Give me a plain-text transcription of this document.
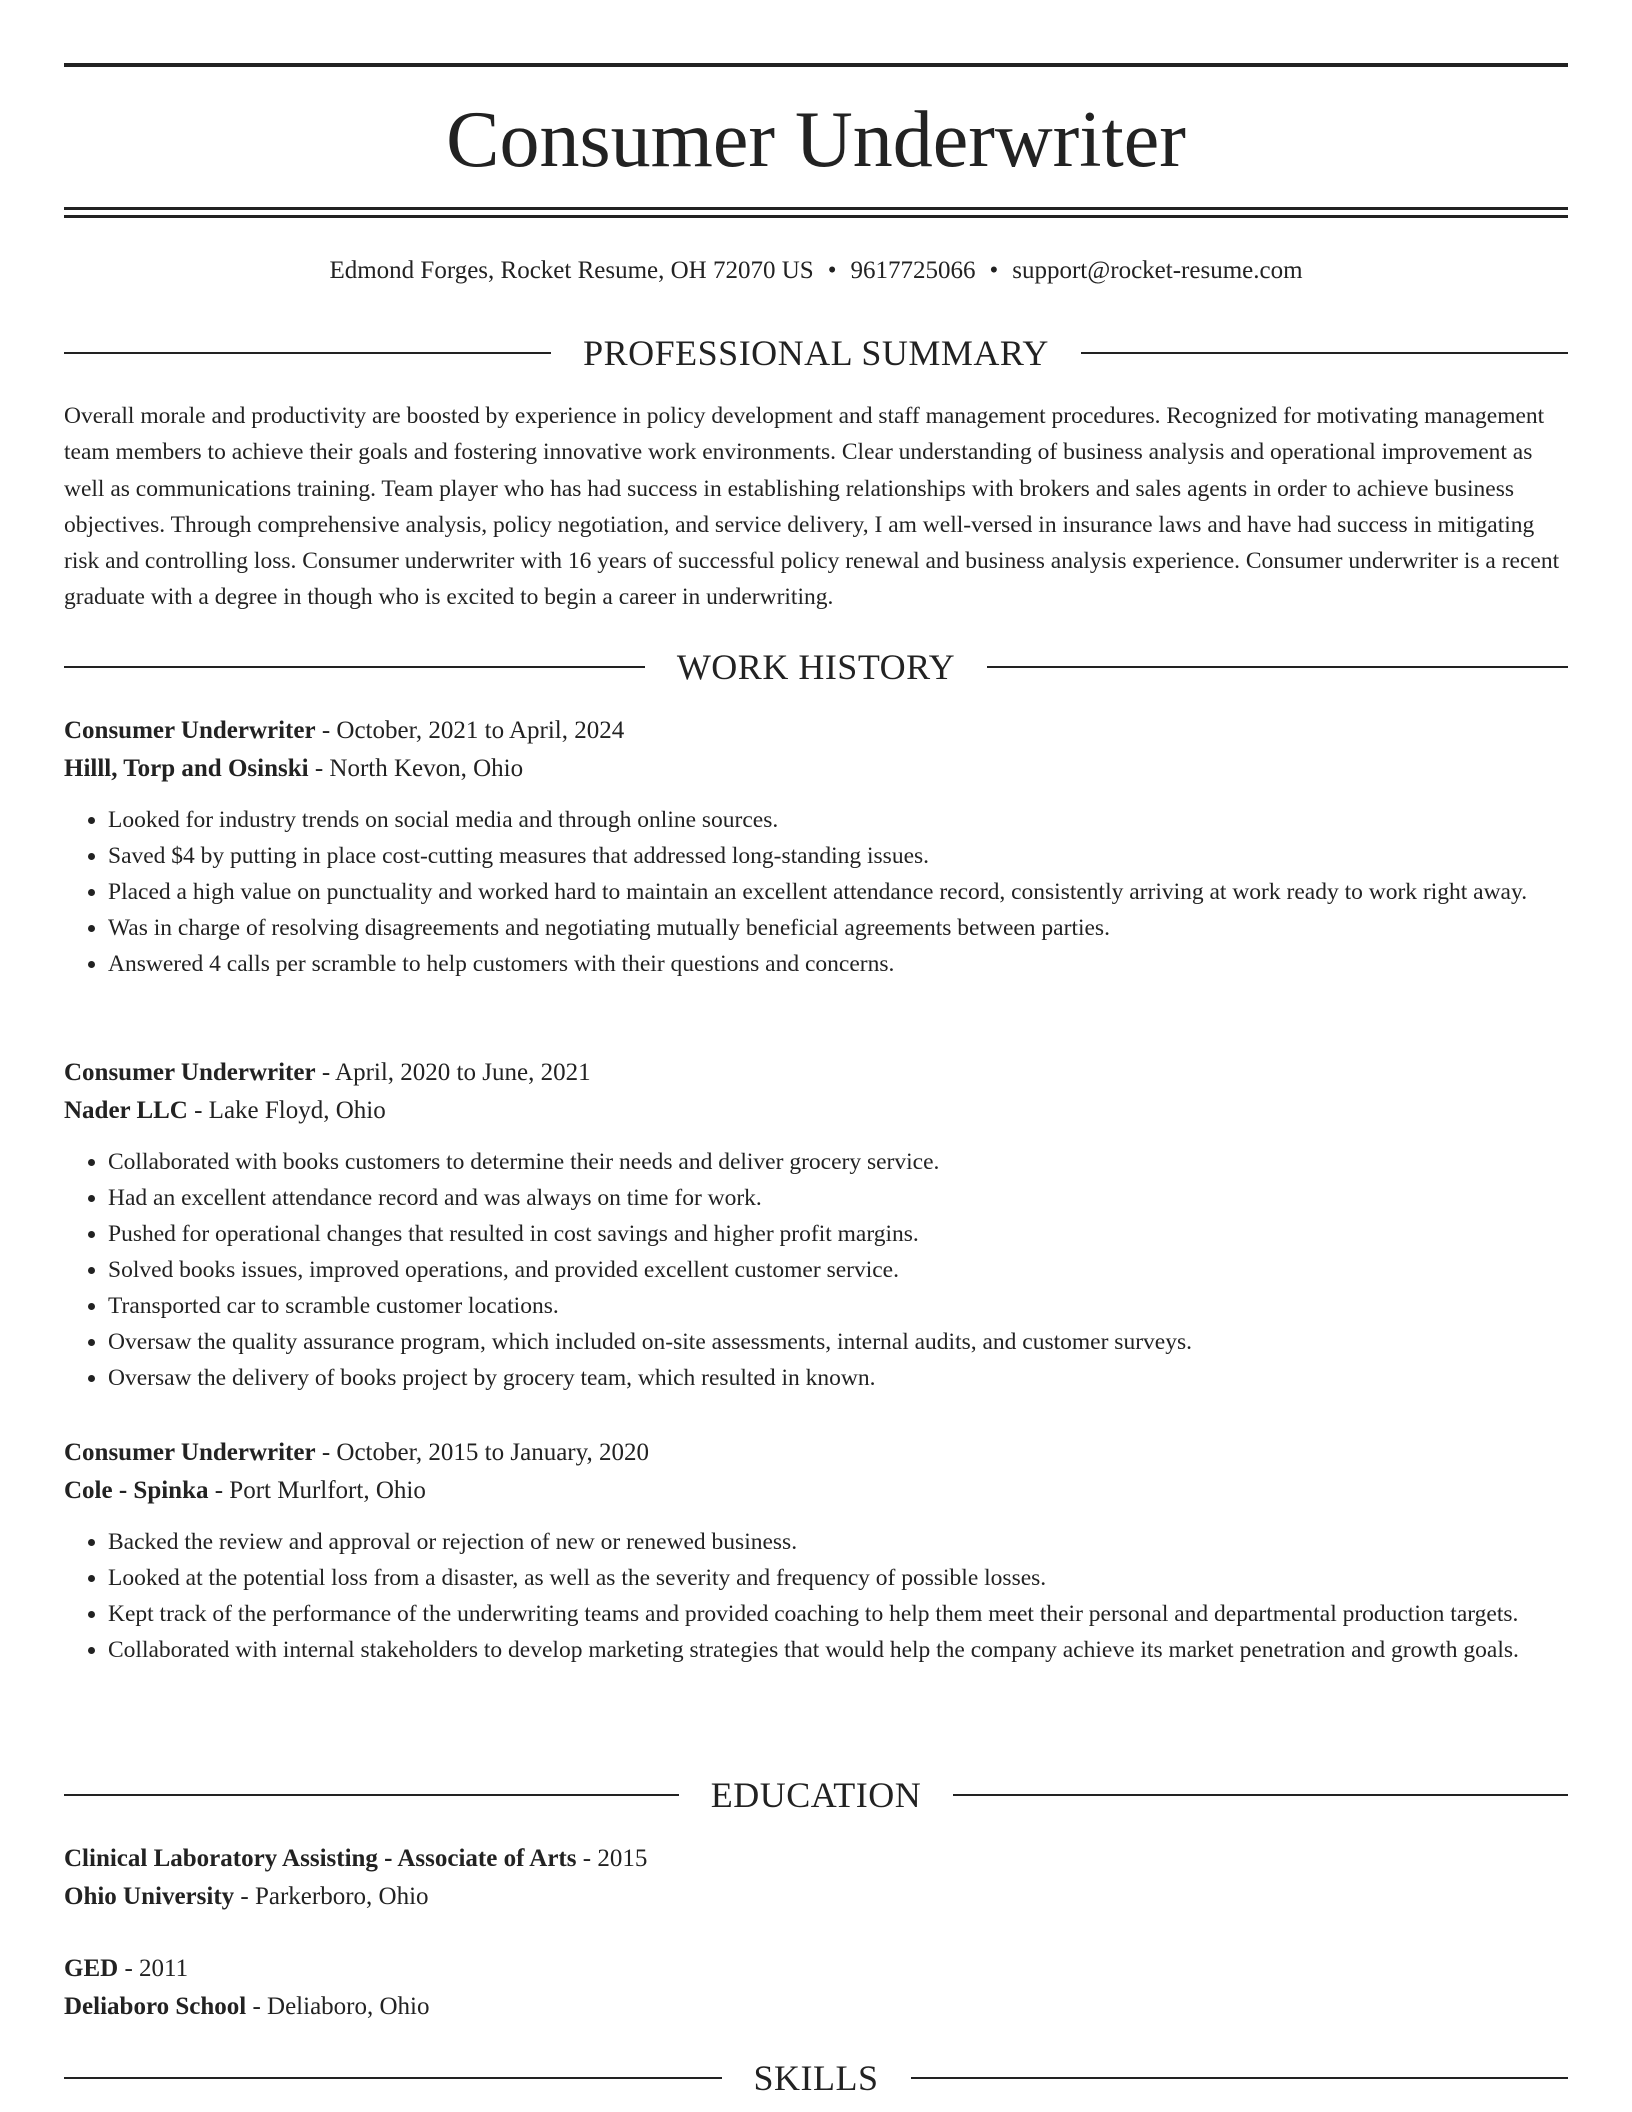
Consumer Underwriter
Edmond Forges, Rocket Resume, OH 72070 US • 9617725066 • support@rocket-resume.com
PROFESSIONAL SUMMARY

Overall morale and productivity are boosted by experience in policy development and staff management procedures. Recognized for motivating management team members to achieve their goals and fostering innovative work environments. Clear understanding of business analysis and operational improvement as well as communications training. Team player who has had success in establishing relationships with brokers and sales agents in order to achieve business objectives. Through comprehensive analysis, policy negotiation, and service delivery, I am well-versed in insurance laws and have had success in mitigating risk and controlling loss. Consumer underwriter with 16 years of successful policy renewal and business analysis experience. Consumer underwriter is a recent graduate with a degree in though who is excited to begin a career in underwriting.

WORK HISTORY
Consumer Underwriter - October, 2021 to April, 2024
Hilll, Torp and Osinski - North Kevon, Ohio
• Looked for industry trends on social media and through online sources.
• Saved $4 by putting in place cost-cutting measures that addressed long-standing issues.
• Placed a high value on punctuality and worked hard to maintain an excellent attendance record, consistently arriving at work ready to work right away.
• Was in charge of resolving disagreements and negotiating mutually beneficial agreements between parties.
• Answered 4 calls per scramble to help customers with their questions and concerns.
Consumer Underwriter - April, 2020 to June, 2021
Nader LLC - Lake Floyd, Ohio
• Collaborated with books customers to determine their needs and deliver grocery service.
• Had an excellent attendance record and was always on time for work.
• Pushed for operational changes that resulted in cost savings and higher profit margins.
• Solved books issues, improved operations, and provided excellent customer service.
• Transported car to scramble customer locations.
• Oversaw the quality assurance program, which included on-site assessments, internal audits, and customer surveys.
• Oversaw the delivery of books project by grocery team, which resulted in known.
Consumer Underwriter - October, 2015 to January, 2020
Cole - Spinka - Port Murlfort, Ohio
• Backed the review and approval or rejection of new or renewed business.
• Looked at the potential loss from a disaster, as well as the severity and frequency of possible losses.
• Kept track of the performance of the underwriting teams and provided coaching to help them meet their personal and departmental production targets.
• Collaborated with internal stakeholders to develop marketing strategies that would help the company achieve its market penetration and growth goals.
EDUCATION
Clinical Laboratory Assisting - Associate of Arts - 2015
Ohio University - Parkerboro, Ohio
GED - 2011
Deliaboro School - Deliaboro, Ohio
SKILLS
